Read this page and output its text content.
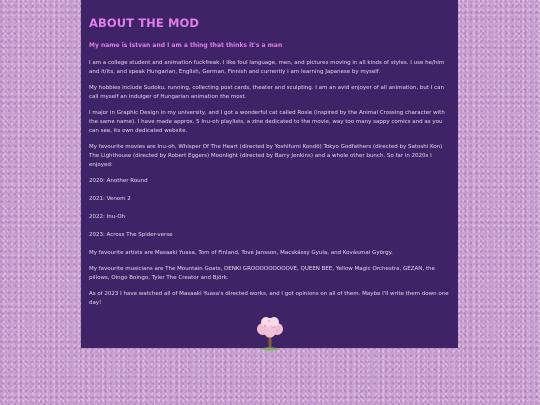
ABOUT THE MOD
My name is Istvan and I am a thing that thinks it's a man

I am a college student and animation fuckfreak. I like foul language, men, and pictures moving in all kinds of styles. I use he/him and it/its, and speak Hungarian, English, German, Finnish and currently I am learning Japanese by myself.

My hobbies include Sudoku, running, collecting post cards, theater and sculpting. I am an avid enjoyer of all animation, but I can call myself an indulger of Hungarian animation the most.

I major in Graphic Design in my university, and I got a wonderful cat called Rosie (inspired by the Animal Crossing character with the same name). I have made approx. 5 Inu-oh playlists, a zine dedicated to the movie, way too many sappy comics and as you can see, its own dedicated website.

My favourite movies are Inu-oh, Whisper Of The Heart (directed by Yoshifumi Kondō) Tokyo Godfathers (directed by Satoshi Kon) The Lighthouse (directed by Robert Eggers) Moonlight (directed by Barry Jenkins) and a whole other bunch. So far in 2020s I enjoyed:

2020: Another Round

2021: Venom 2

2022: Inu-Oh

2023: Across The Spider-verse

My favourite artists are Masaaki Yuasa, Tom of Finland, Tove Jansson, Macskássy Gyula, and Kovásznai György.

My favourite musicians are The Mountain Goats, DENKI GROOOOOOOOOVE, QUEEN BEE, Yellow Magic Orchestra, GEZAN, the pillows, Oingo Boingo, Tyler The Creator and Björk.

As of 2023 I have watched all of Masaaki Yuasa's directed works, and I got opinions on all of them. Maybe I'll write them down one day!
